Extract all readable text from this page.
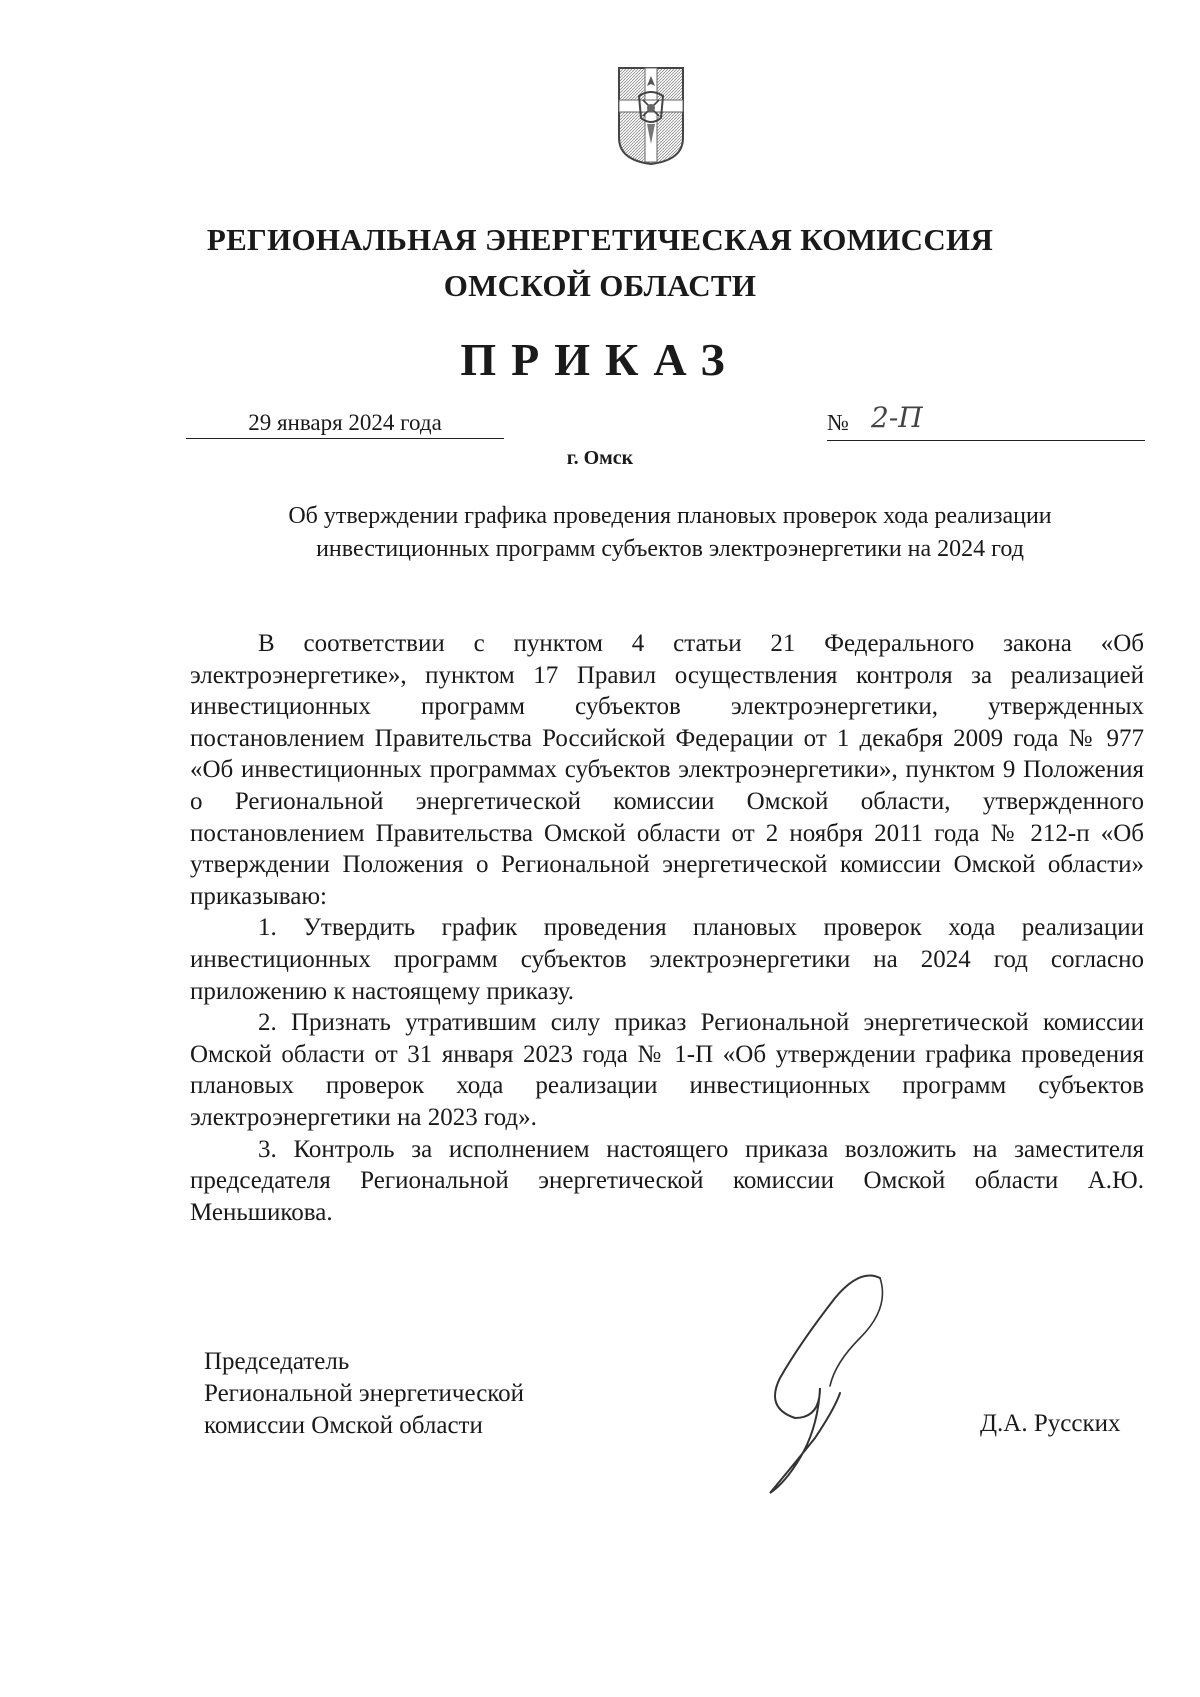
РЕГИОНАЛЬНАЯ ЭНЕРГЕТИЧЕСКАЯ КОМИССИЯ
ОМСКОЙ ОБЛАСТИ
ПРИКАЗ
29 января 2024 года	№ 2-П
г. Омск
Об утверждении графика проведения плановых проверок хода реализации
инвестиционных программ субъектов электроэнергетики на 2024 год

В соответствии с пунктом 4 статьи 21 Федерального закона «Об электроэнергетике», пунктом 17 Правил осуществления контроля за реализацией инвестиционных программ субъектов электроэнергетики, утвержденных постановлением Правительства Российской Федерации от 1 декабря 2009 года № 977 «Об инвестиционных программах субъектов электроэнергетики», пунктом 9 Положения о Региональной энергетической комиссии Омской области, утвержденного постановлением Правительства Омской области от 2 ноября 2011 года № 212-п «Об утверждении Положения о Региональной энергетической комиссии Омской области» приказываю:

1. Утвердить график проведения плановых проверок хода реализации инвестиционных программ субъектов электроэнергетики на 2024 год согласно приложению к настоящему приказу.

2. Признать утратившим силу приказ Региональной энергетической комиссии Омской области от 31 января 2023 года № 1-П «Об утверждении графика проведения плановых проверок хода реализации инвестиционных программ субъектов электроэнергетики на 2023 год».

3. Контроль за исполнением настоящего приказа возложить на заместителя председателя Региональной энергетической комиссии Омской области А.Ю. Меньшикова.

Председатель
Региональной энергетической
комиссии Омской области	Д.А. Русских
